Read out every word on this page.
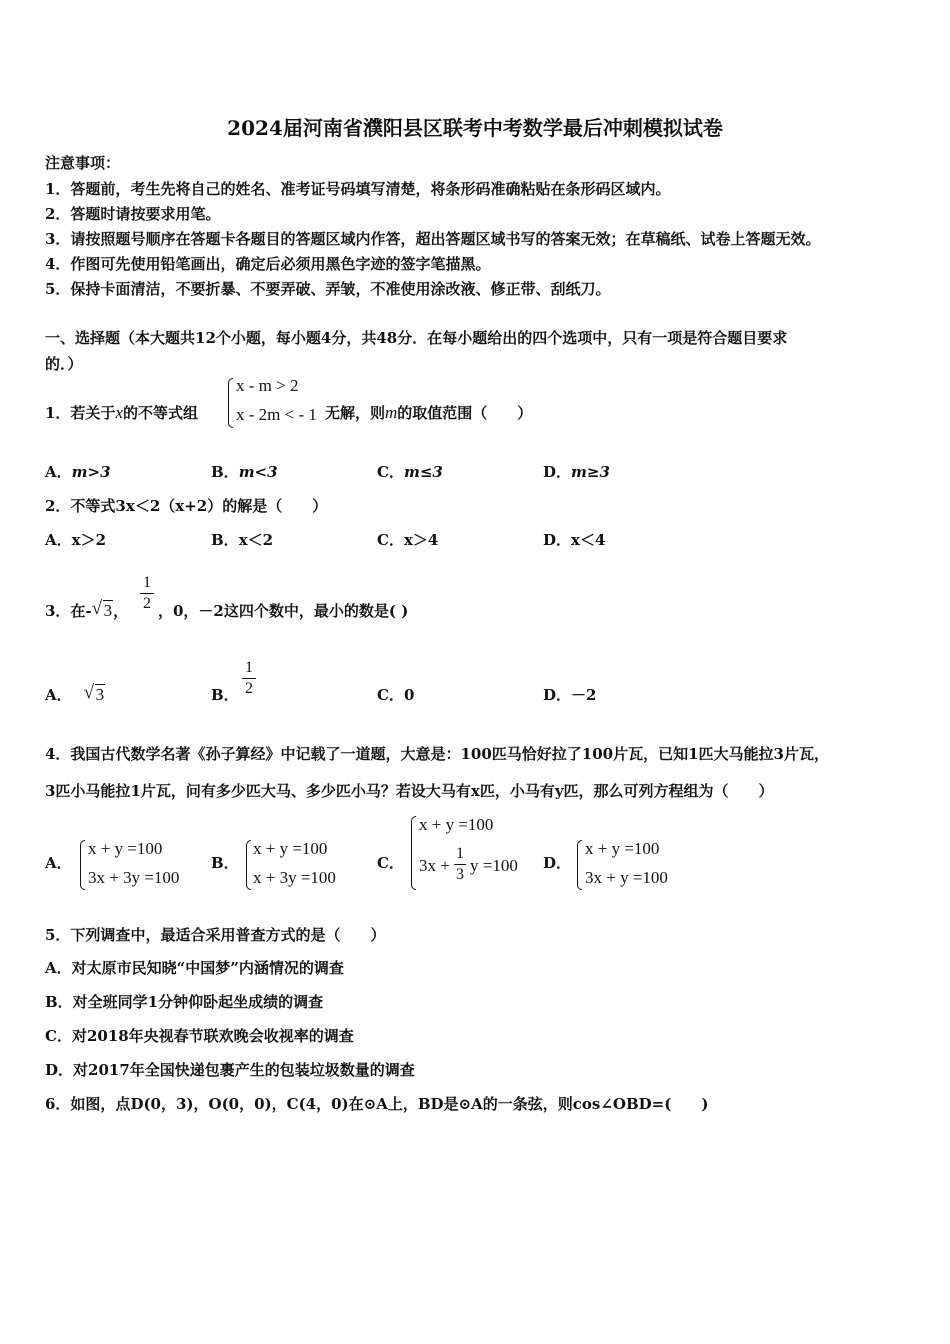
2024届河南省濮阳县区联考中考数学最后冲刺模拟试卷
注意事项：
1．答题前，考生先将自己的姓名、准考证号码填写清楚，将条形码准确粘贴在条形码区域内。
2．答题时请按要求用笔。
3．请按照题号顺序在答题卡各题目的答题区域内作答，超出答题区域书写的答案无效；在草稿纸、试卷上答题无效。
4．作图可先使用铅笔画出，确定后必须用黑色字迹的签字笔描黑。
5．保持卡面清洁，不要折暴、不要弄破、弄皱，不准使用涂改液、修正带、刮纸刀。
一、选择题（本大题共12个小题，每小题4分，共48分．在每小题给出的四个选项中，只有一项是符合题目要求
的．）
1．若关于x的不等式组
x - m > 2
x - 2m < - 1 无解，则m的取值范围（　　）
A．m>3	B．m<3	C．m≤3	D．m≥3
2．不等式3x＜2（x+2）的解是（　　）
A．x＞2	B．x＜2	C．x＞4	D．x＜4
3．在- √ 3，
1
2 ，0，－2这四个数中，最小的数是( )
A． √ 3	B．
1
2	C．0	D．－2
4．我国古代数学名著《孙子算经》中记载了一道题，大意是：100匹马恰好拉了100片瓦，已知1匹大马能拉3片瓦，
3匹小马能拉1片瓦，问有多少匹大马、多少匹小马？若设大马有x匹，小马有y匹，那么可列方程组为（　　）
A．
x + y =100
3x + 3y =100
B．
x + y =100
x + 3y =100
C．
x + y =100
3x +
1
3 y =100 D．
x + y =100
3x + y =100
5．下列调查中，最适合采用普查方式的是（　　）
A．对太原市民知晓“中国梦”内涵情况的调查
B．对全班同学1分钟仰卧起坐成绩的调查
C．对2018年央视春节联欢晚会收视率的调查
D．对2017年全国快递包裹产生的包装垃圾数量的调查
6．如图，点D(0，3)，O(0，0)，C(4，0)在⊙A上，BD是⊙A的一条弦，则cos∠OBD=(　　)
